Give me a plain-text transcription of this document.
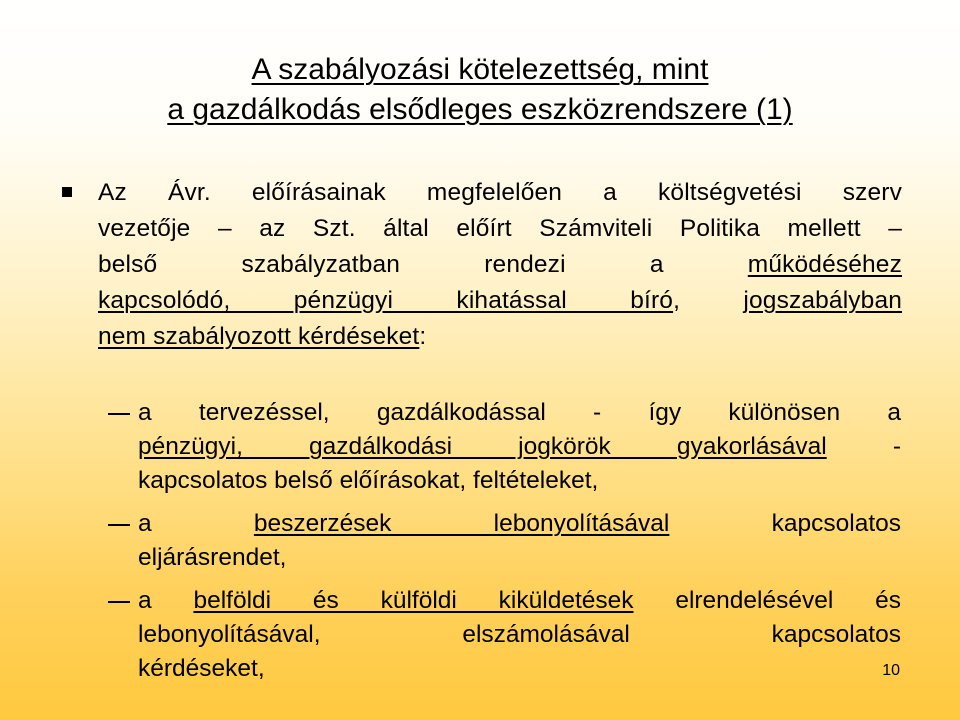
A szabályozási kötelezettség, mint
a gazdálkodás elsődleges eszközrendszere (1)
Az Ávr. előírásainak megfelelően a költségvetési szerv
vezetője – az Szt. által előírt Számviteli Politika mellett –
belső szabályzatban rendezi a működéséhez
kapcsolódó, pénzügyi kihatással bíró, jogszabályban
nem szabályozott kérdéseket:
a tervezéssel, gazdálkodással - így különösen a
pénzügyi, gazdálkodási jogkörök gyakorlásával -
kapcsolatos belső előírásokat, feltételeket,
a beszerzések lebonyolításával kapcsolatos
eljárásrendet,
a belföldi és külföldi kiküldetések elrendelésével és
lebonyolításával, elszámolásával kapcsolatos
kérdéseket,	10
